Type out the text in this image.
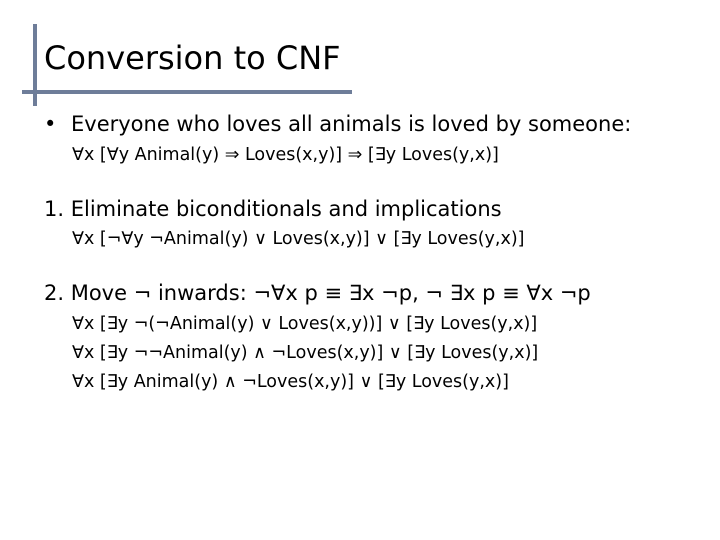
Conversion to CNF
• Everyone who loves all animals is loved by someone:
∀x [∀y Animal(y) ⇒ Loves(x,y)] ⇒ [∃y Loves(y,x)]
1. Eliminate biconditionals and implications
∀x [¬∀y ¬Animal(y) ∨ Loves(x,y)] ∨ [∃y Loves(y,x)]
2. Move ¬ inwards: ¬∀x p ≡ ∃x ¬p, ¬ ∃x p ≡ ∀x ¬p
∀x [∃y ¬(¬Animal(y) ∨ Loves(x,y))] ∨ [∃y Loves(y,x)]
∀x [∃y ¬¬Animal(y) ∧ ¬Loves(x,y)] ∨ [∃y Loves(y,x)]
∀x [∃y Animal(y) ∧ ¬Loves(x,y)] ∨ [∃y Loves(y,x)]
